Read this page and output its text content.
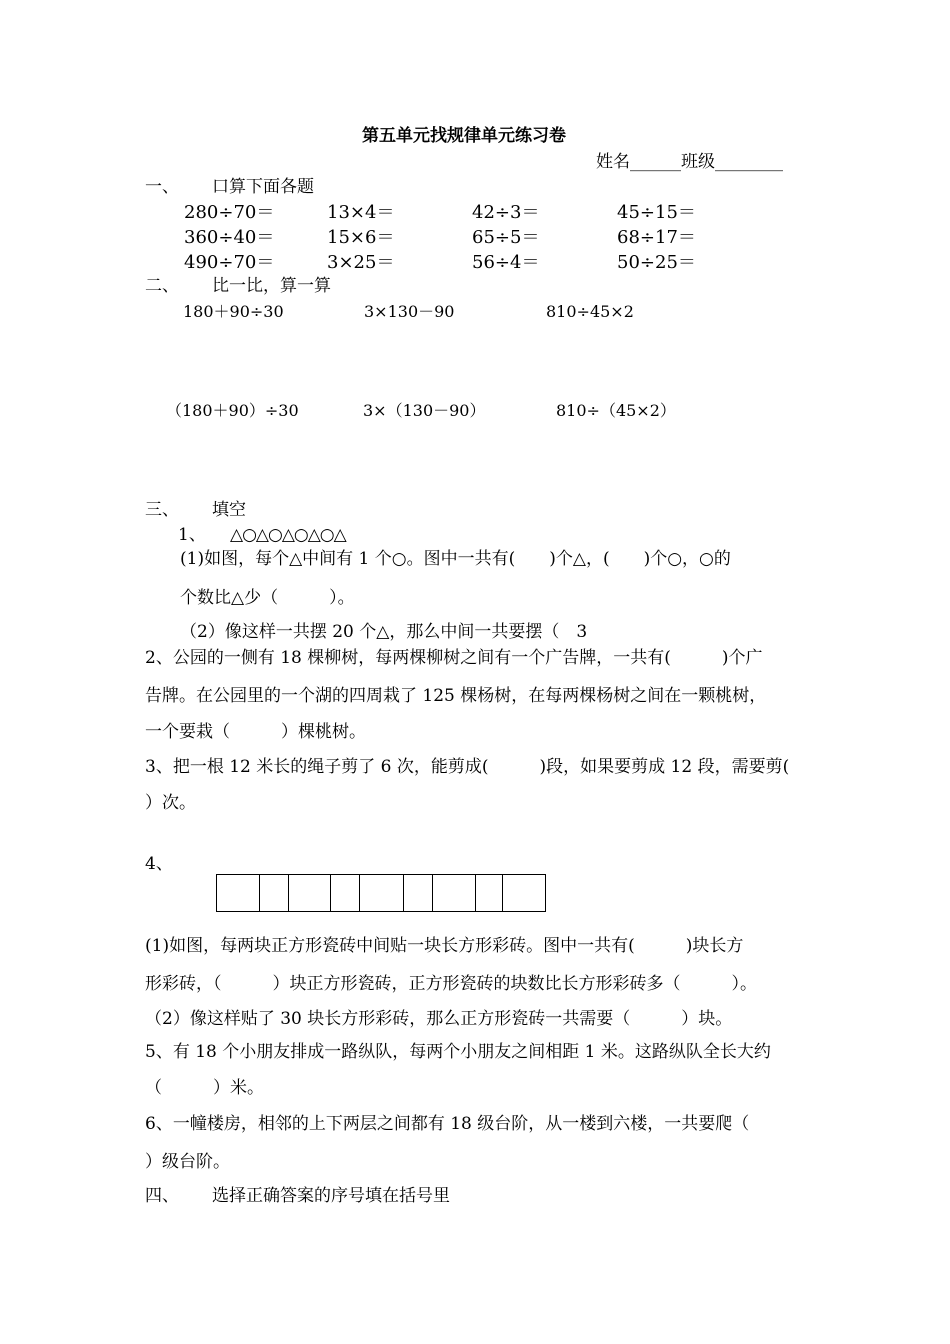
第五单元找规律单元练习卷
姓名______班级________
一、 口算下面各题
280÷70＝	13×4＝	42÷3＝	45÷15＝
360÷40＝	15×6＝	65÷5＝	68÷17＝
490÷70＝	3×25＝	56÷4＝	50÷25＝
二、 比一比，算一算
180＋90÷30	3×130－90	810÷45×2
（180＋90）÷30	3×（130－90）	810÷（45×2）
三、 填空
1、 △○△○△○△○△
(1)如图，每个△中间有 1 个○。图中一共有(　　)个△，(　　)个○，○的
个数比△少（　　　）。
（2）像这样一共摆 20 个△，那么中间一共要摆（　3
2、公园的一侧有 18 棵柳树，每两棵柳树之间有一个广告牌，一共有(　　　)个广
告牌。在公园里的一个湖的四周栽了 125 棵杨树，在每两棵杨树之间在一颗桃树，
一个要栽（　　　）棵桃树。
3、把一根 12 米长的绳子剪了 6 次，能剪成(　　　)段，如果要剪成 12 段，需要剪(
）次。
4、
(1)如图，每两块正方形瓷砖中间贴一块长方形彩砖。图中一共有(　　　)块长方
形彩砖，（　　　）块正方形瓷砖，正方形瓷砖的块数比长方形彩砖多（　　　）。
（2）像这样贴了 30 块长方形彩砖，那么正方形瓷砖一共需要（　　　）块。
5、有 18 个小朋友排成一路纵队，每两个小朋友之间相距 1 米。这路纵队全长大约
（　　　）米。
6、一幢楼房，相邻的上下两层之间都有 18 级台阶，从一楼到六楼，一共要爬（
）级台阶。
四、 选择正确答案的序号填在括号里
